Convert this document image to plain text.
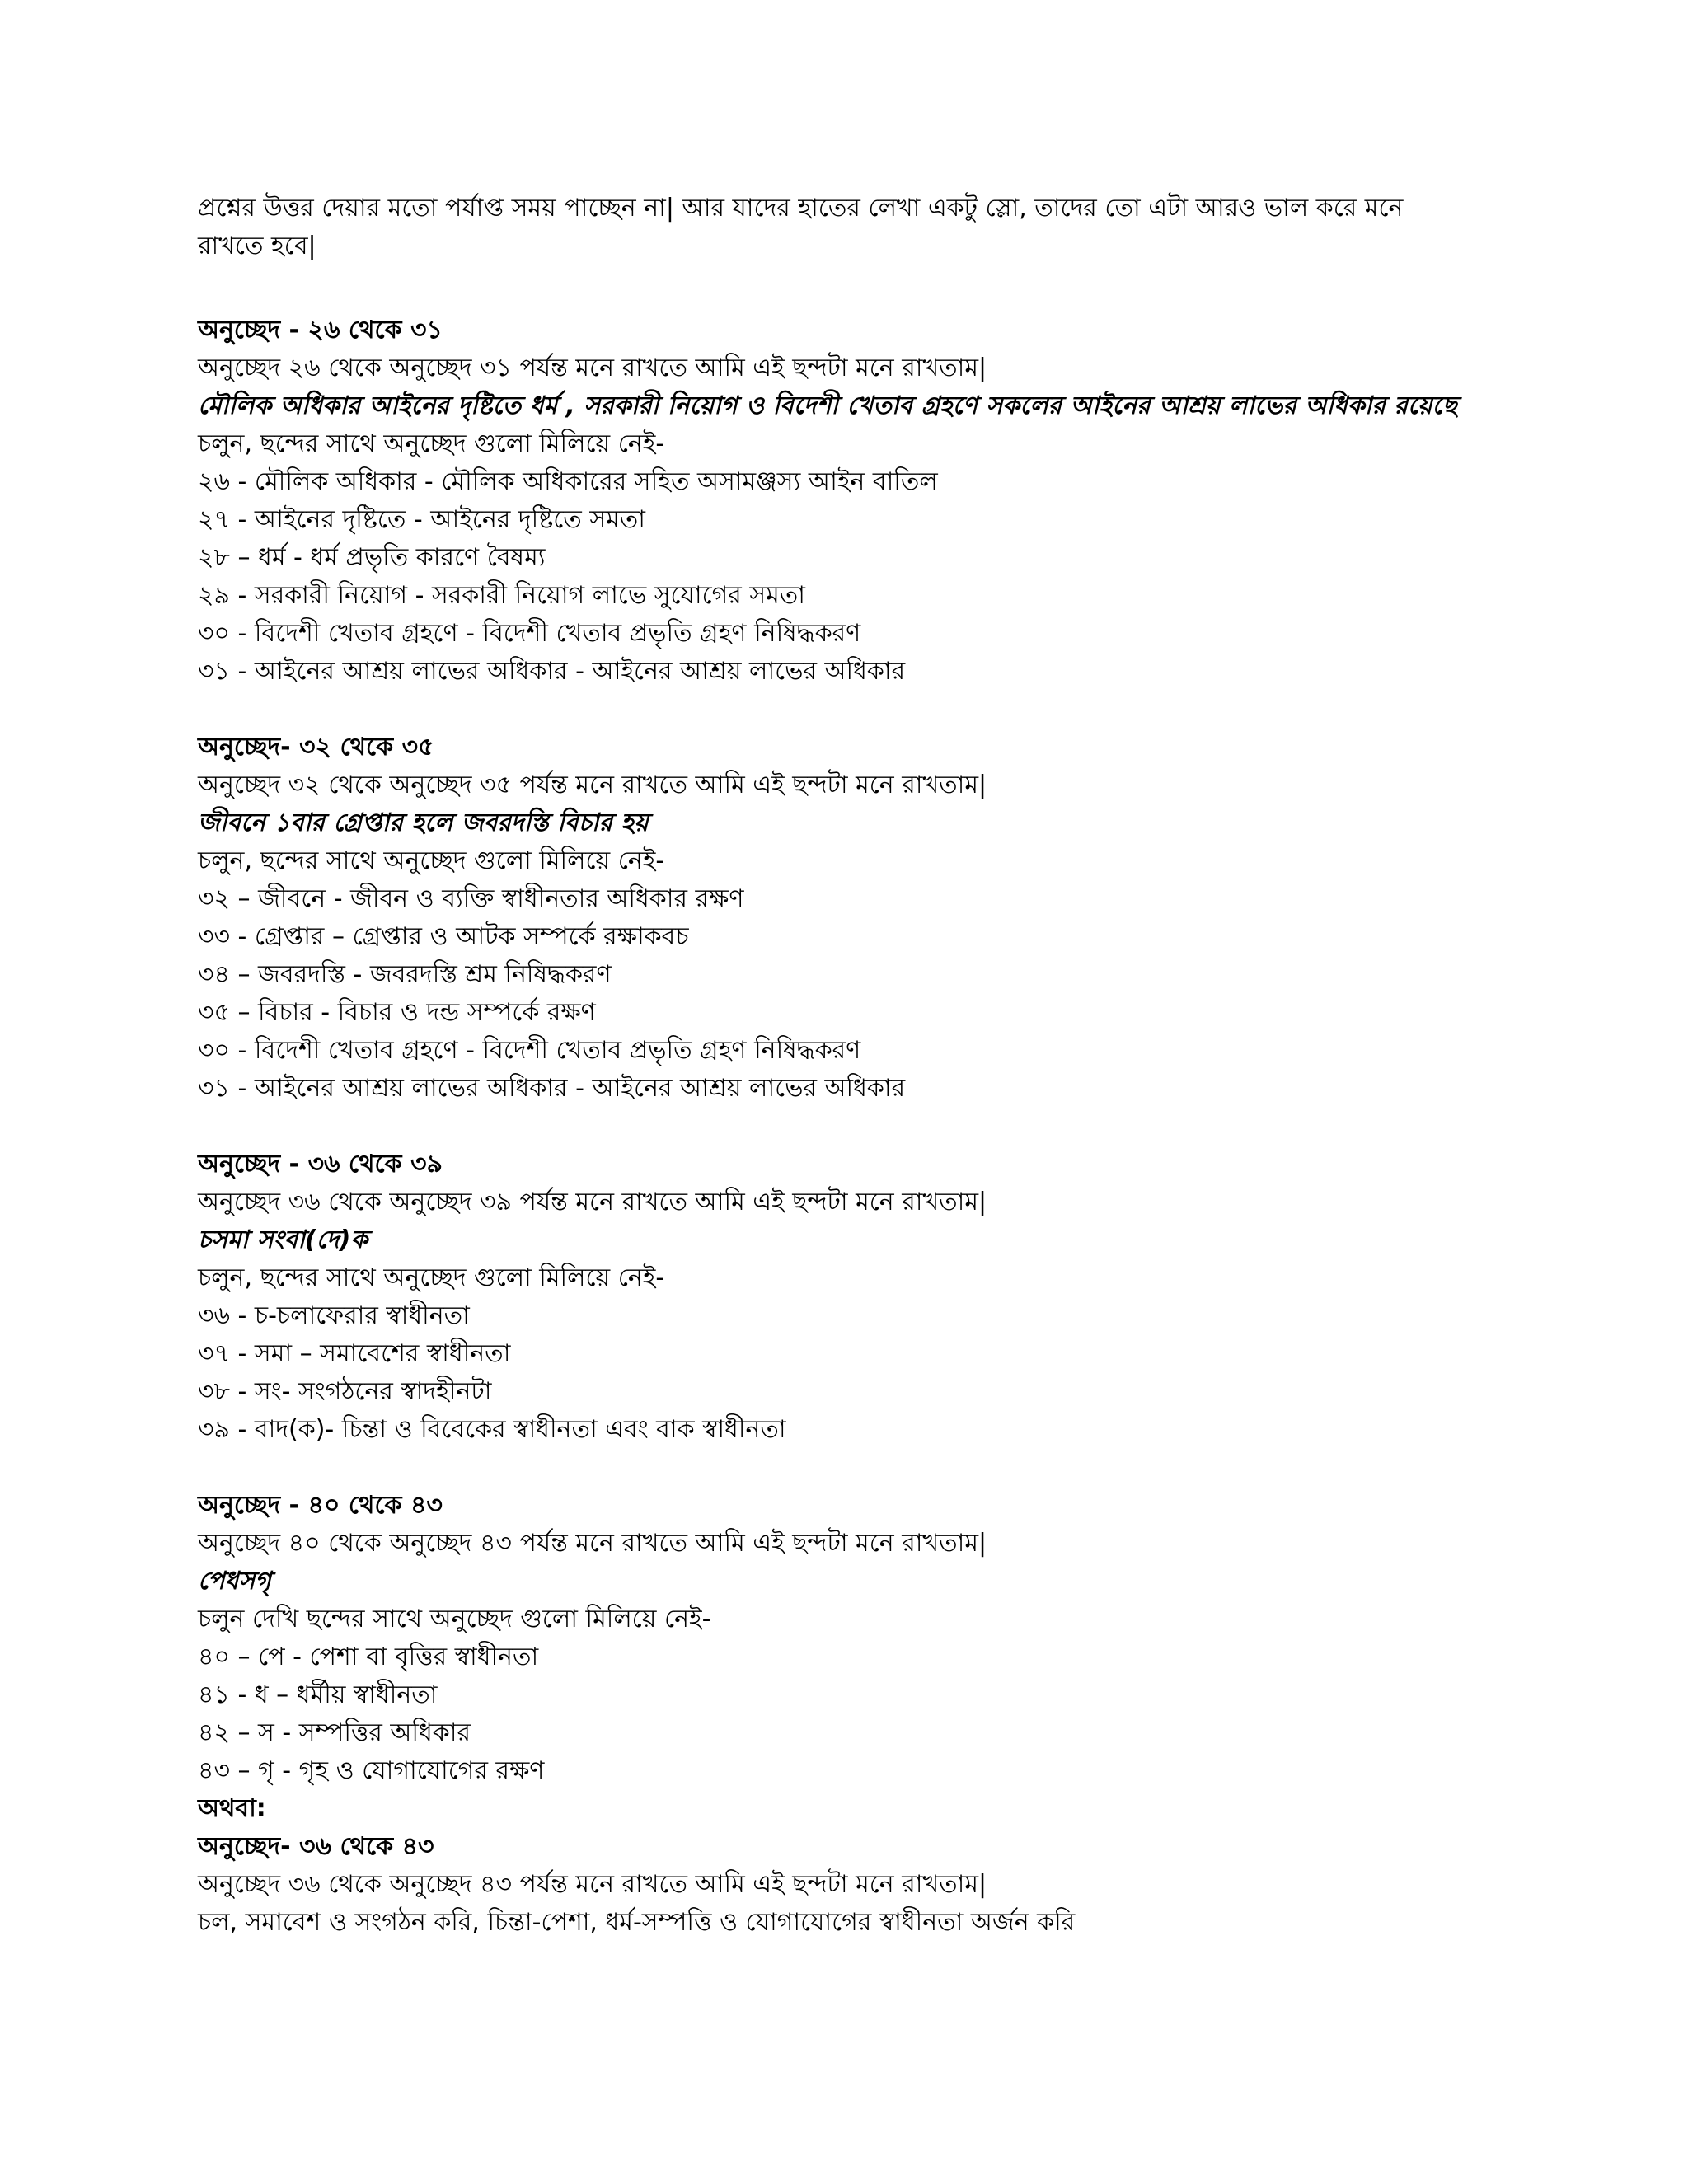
প্রশ্নের উত্তর দেয়ার মতো পর্যাপ্ত সময় পাচ্ছেন না| আর যাদের হাতের লেখা একটু স্লো, তাদের তো এটা আরও ভাল করে মনে
রাখতে হবে|
অনুচ্ছেদ - ২৬ থেকে ৩১
অনুচ্ছেদ ২৬ থেকে অনুচ্ছেদ ৩১ পর্যন্ত মনে রাখতে আমি এই ছন্দটা মনে রাখতাম|
মৌলিক অধিকার আইনের দৃষ্টিতে ধর্ম , সরকারী নিয়োগ ও বিদেশী খেতাব গ্রহণে সকলের আইনের আশ্রয় লাভের অধিকার রয়েছে
চলুন, ছন্দের সাথে অনুচ্ছেদ গুলো মিলিয়ে নেই-
২৬ - মৌলিক অধিকার - মৌলিক অধিকারের সহিত অসামঞ্জস্য আইন বাতিল
২৭ - আইনের দৃষ্টিতে - আইনের দৃষ্টিতে সমতা
২৮ – ধর্ম - ধর্ম প্রভৃতি কারণে বৈষম্য
২৯ - সরকারী নিয়োগ - সরকারী নিয়োগ লাভে সুযোগের সমতা
৩০ - বিদেশী খেতাব গ্রহণে - বিদেশী খেতাব প্রভৃতি গ্রহণ নিষিদ্ধকরণ
৩১ - আইনের আশ্রয় লাভের অধিকার - আইনের আশ্রয় লাভের অধিকার
অনুচ্ছেদ- ৩২ থেকে ৩৫
অনুচ্ছেদ ৩২ থেকে অনুচ্ছেদ ৩৫ পর্যন্ত মনে রাখতে আমি এই ছন্দটা মনে রাখতাম|
জীবনে ১বার গ্রেপ্তার হলে জবরদস্তি বিচার হয়
চলুন, ছন্দের সাথে অনুচ্ছেদ গুলো মিলিয়ে নেই-
৩২ – জীবনে - জীবন ও ব্যক্তি স্বাধীনতার অধিকার রক্ষণ
৩৩ - গ্রেপ্তার – গ্রেপ্তার ও আটক সম্পর্কে রক্ষাকবচ
৩৪ – জবরদস্তি - জবরদস্তি শ্রম নিষিদ্ধকরণ
৩৫ – বিচার - বিচার ও দন্ড সম্পর্কে রক্ষণ
৩০ - বিদেশী খেতাব গ্রহণে - বিদেশী খেতাব প্রভৃতি গ্রহণ নিষিদ্ধকরণ
৩১ - আইনের আশ্রয় লাভের অধিকার - আইনের আশ্রয় লাভের অধিকার
অনুচ্ছেদ - ৩৬ থেকে ৩৯
অনুচ্ছেদ ৩৬ থেকে অনুচ্ছেদ ৩৯ পর্যন্ত মনে রাখতে আমি এই ছন্দটা মনে রাখতাম|
চসমা সংবা(দে)ক
চলুন, ছন্দের সাথে অনুচ্ছেদ গুলো মিলিয়ে নেই-
৩৬ - চ-চলাফেরার স্বাধীনতা
৩৭ - সমা – সমাবেশের স্বাধীনতা
৩৮ - সং- সংগঠনের স্বাদহীনটা
৩৯ - বাদ(ক)- চিন্তা ও বিবেকের স্বাধীনতা এবং বাক স্বাধীনতা
অনুচ্ছেদ - ৪০ থেকে ৪৩
অনুচ্ছেদ ৪০ থেকে অনুচ্ছেদ ৪৩ পর্যন্ত মনে রাখতে আমি এই ছন্দটা মনে রাখতাম|
পেধসগৃ
চলুন দেখি ছন্দের সাথে অনুচ্ছেদ গুলো মিলিয়ে নেই-
৪০ – পে - পেশা বা বৃত্তির স্বাধীনতা
৪১ - ধ – ধর্মীয় স্বাধীনতা
৪২ – স - সম্পত্তির অধিকার
৪৩ – গৃ - গৃহ ও যোগাযোগের রক্ষণ
অথবা:
অনুচ্ছেদ- ৩৬ থেকে ৪৩
অনুচ্ছেদ ৩৬ থেকে অনুচ্ছেদ ৪৩ পর্যন্ত মনে রাখতে আমি এই ছন্দটা মনে রাখতাম|
চল, সমাবেশ ও সংগঠন করি, চিন্তা-পেশা, ধর্ম-সম্পত্তি ও যোগাযোগের স্বাধীনতা অর্জন করি
